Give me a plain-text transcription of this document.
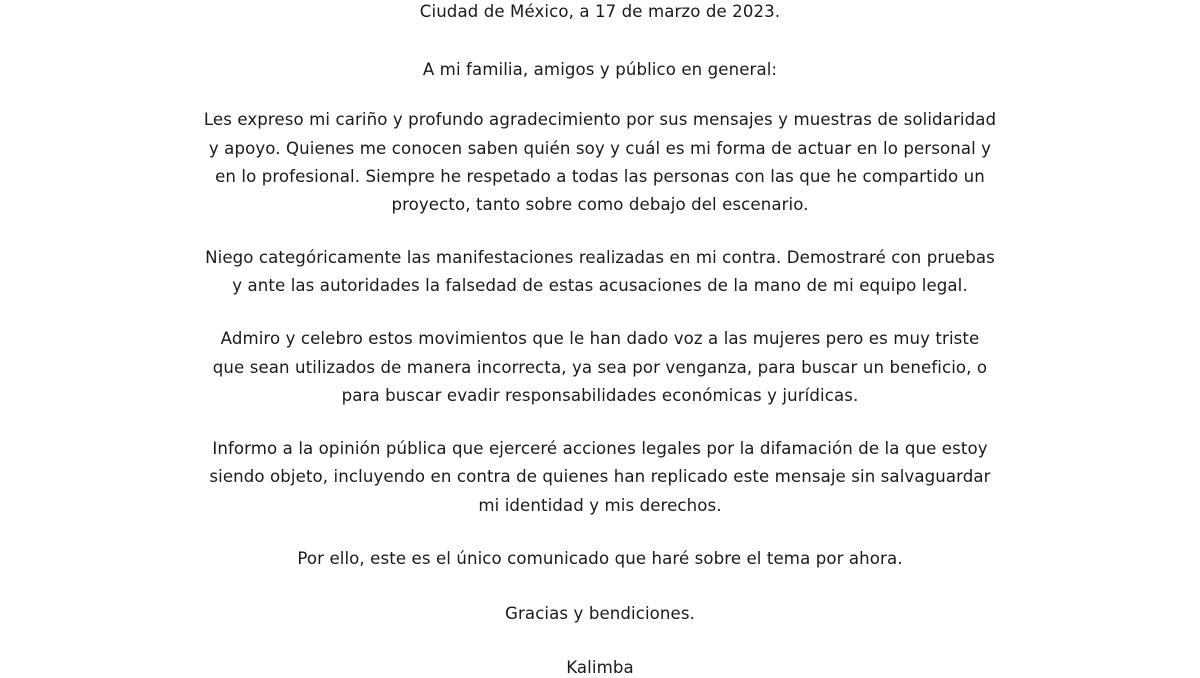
Ciudad de México, a 17 de marzo de 2023.
A mi familia, amigos y público en general:
Les expreso mi cariño y profundo agradecimiento por sus mensajes y muestras de solidaridad
y apoyo. Quienes me conocen saben quién soy y cuál es mi forma de actuar en lo personal y
en lo profesional. Siempre he respetado a todas las personas con las que he compartido un
proyecto, tanto sobre como debajo del escenario.
Niego categóricamente las manifestaciones realizadas en mi contra. Demostraré con pruebas
y ante las autoridades la falsedad de estas acusaciones de la mano de mi equipo legal.
Admiro y celebro estos movimientos que le han dado voz a las mujeres pero es muy triste
que sean utilizados de manera incorrecta, ya sea por venganza, para buscar un beneficio, o
para buscar evadir responsabilidades económicas y jurídicas.
Informo a la opinión pública que ejerceré acciones legales por la difamación de la que estoy
siendo objeto, incluyendo en contra de quienes han replicado este mensaje sin salvaguardar
mi identidad y mis derechos.
Por ello, este es el único comunicado que haré sobre el tema por ahora.
Gracias y bendiciones.
Kalimba
